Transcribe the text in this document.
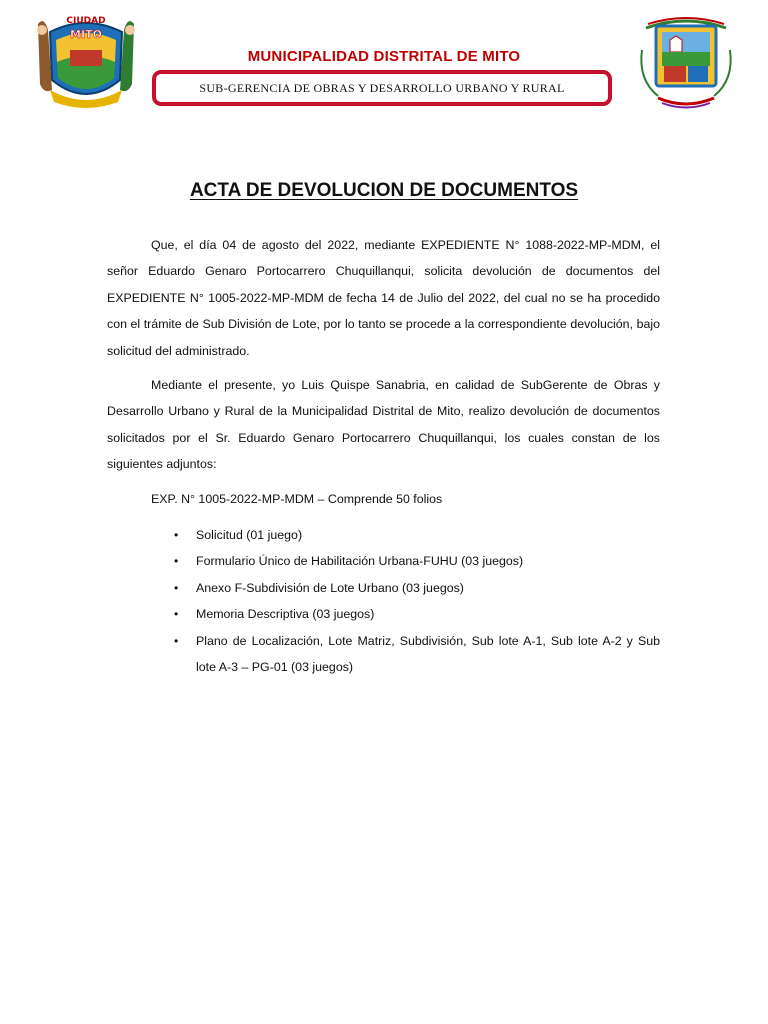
CIUDAD
MITO
MUNICIPALIDAD DISTRITAL DE MITO
SUB-GERENCIA DE OBRAS Y DESARROLLO URBANO Y RURAL
ACTA DE DEVOLUCION DE DOCUMENTOS

Que, el día 04 de agosto del 2022, mediante EXPEDIENTE N° 1088-2022-MP-MDM, el señor Eduardo Genaro Portocarrero Chuquillanqui, solicita devolución de documentos del EXPEDIENTE N° 1005-2022-MP-MDM de fecha 14 de Julio del 2022, del cual no se ha procedido con el trámite de Sub División de Lote, por lo tanto se procede a la correspondiente devolución, bajo solicitud del administrado.

Mediante el presente, yo Luis Quispe Sanabria, en calidad de SubGerente de Obras y Desarrollo Urbano y Rural de la Municipalidad Distrital de Mito, realizo devolución de documentos solicitados por el Sr. Eduardo Genaro Portocarrero Chuquillanqui, los cuales constan de los siguientes adjuntos:

EXP. N° 1005-2022-MP-MDM – Comprende 50 folios

• Solicitud (01 juego)
• Formulario Único de Habilitación Urbana-FUHU (03 juegos)
• Anexo F-Subdivisión de Lote Urbano (03 juegos)
• Memoria Descriptiva (03 juegos)
• Plano de Localización, Lote Matriz, Subdivisión, Sub lote A-1, Sub lote A-2 y Sub lote A-3 – PG-01 (03 juegos)
